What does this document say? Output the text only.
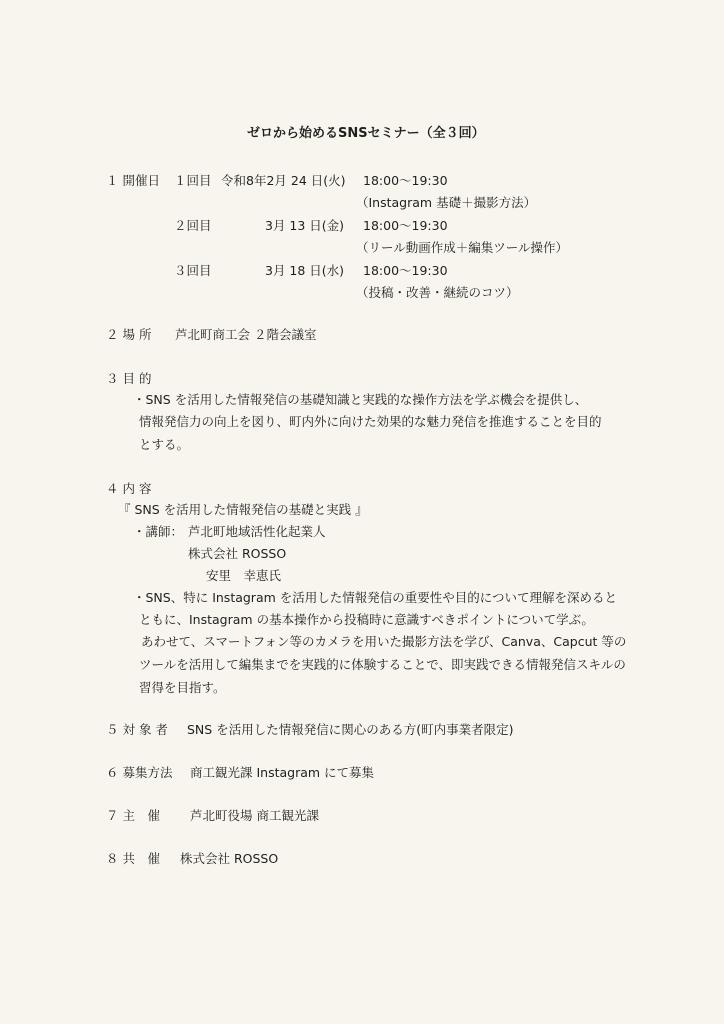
ゼロから始めるSNSセミナー（全３回）
１ 開催日 １回目 令和8年2月 24 日(火) 18:00～19:30
（Instagram 基礎＋撮影方法）
２回目	3月 13 日(金) 18:00～19:30
（リール動画作成＋編集ツール操作）
３回目	3月 18 日(水) 18:00～19:30
（投稿・改善・継続のコツ）
２ 場 所 芦北町商工会 ２階会議室
３ 目 的
・SNS を活用した情報発信の基礎知識と実践的な操作方法を学ぶ機会を提供し、
情報発信力の向上を図り、町内外に向けた効果的な魅力発信を推進することを目的
とする。
４ 内 容
『 SNS を活用した情報発信の基礎と実践 』
・講師： 芦北町地域活性化起業人
株式会社 ROSSO
安里　幸恵氏
・SNS、特に Instagram を活用した情報発信の重要性や目的について理解を深めると
ともに、Instagram の基本操作から投稿時に意識すべきポイントについて学ぶ。
あわせて、スマートフォン等のカメラを用いた撮影方法を学び、Canva、Capcut 等の
ツールを活用して編集までを実践的に体験することで、即実践できる情報発信スキルの
習得を目指す。
５ 対 象 者 SNS を活用した情報発信に関心のある方(町内事業者限定)
６ 募集方法 商工観光課 Instagram にて募集
７ 主　催 芦北町役場 商工観光課
８ 共　催 株式会社 ROSSO
